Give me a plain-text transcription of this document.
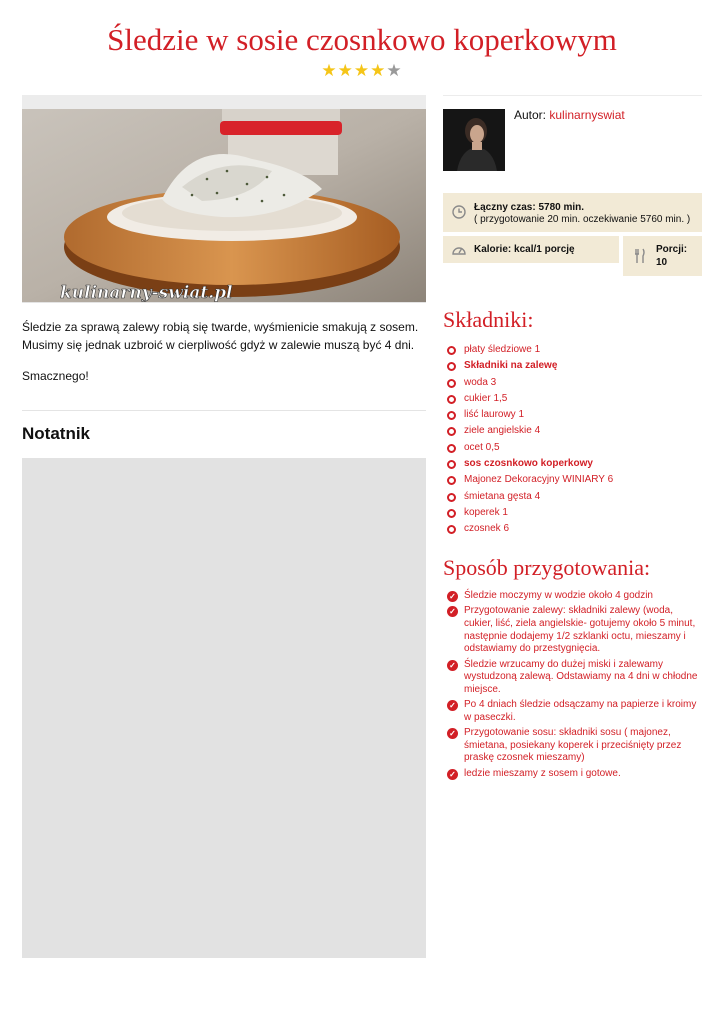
Śledzie w sosie czosnkowo koperkowym
★★★★★
kulinarny-swiat.pl

Śledzie za sprawą zalewy robią się twarde, wyśmienicie smakują z sosem. Musimy się jednak uzbroić w cierpliwość gdyż w zalewie muszą być 4 dni.

Smacznego!

Notatnik
Autor: kulinarnyswiat
Łączny czas: 5780 min.
( przygotowanie 20 min. oczekiwanie 5760 min. )
Kalorie: kcal/1 porcję	Porcji:
10
Składniki:
płaty śledziowe 1
Składniki na zalewę
woda 3
cukier 1,5
liść laurowy 1
ziele angielskie 4
ocet 0,5
sos czosnkowo koperkowy
Majonez Dekoracyjny WINIARY 6
śmietana gęsta 4
koperek 1
czosnek 6
Sposób przygotowania:
✓ Śledzie moczymy w wodzie około 4 godzin
✓ Przygotowanie zalewy: składniki zalewy (woda, cukier, liść, ziela angielskie- gotujemy około 5 minut, następnie dodajemy 1/2 szklanki octu, mieszamy i odstawiamy do przestygnięcia.
✓ Śledzie wrzucamy do dużej miski i zalewamy wystudzoną zalewą. Odstawiamy na 4 dni w chłodne miejsce.
✓ Po 4 dniach śledzie odsączamy na papierze i kroimy w paseczki.
✓ Przygotowanie sosu: składniki sosu ( majonez, śmietana, posiekany koperek i przeciśnięty przez praskę czosnek mieszamy)
✓ ledzie mieszamy z sosem i gotowe.
